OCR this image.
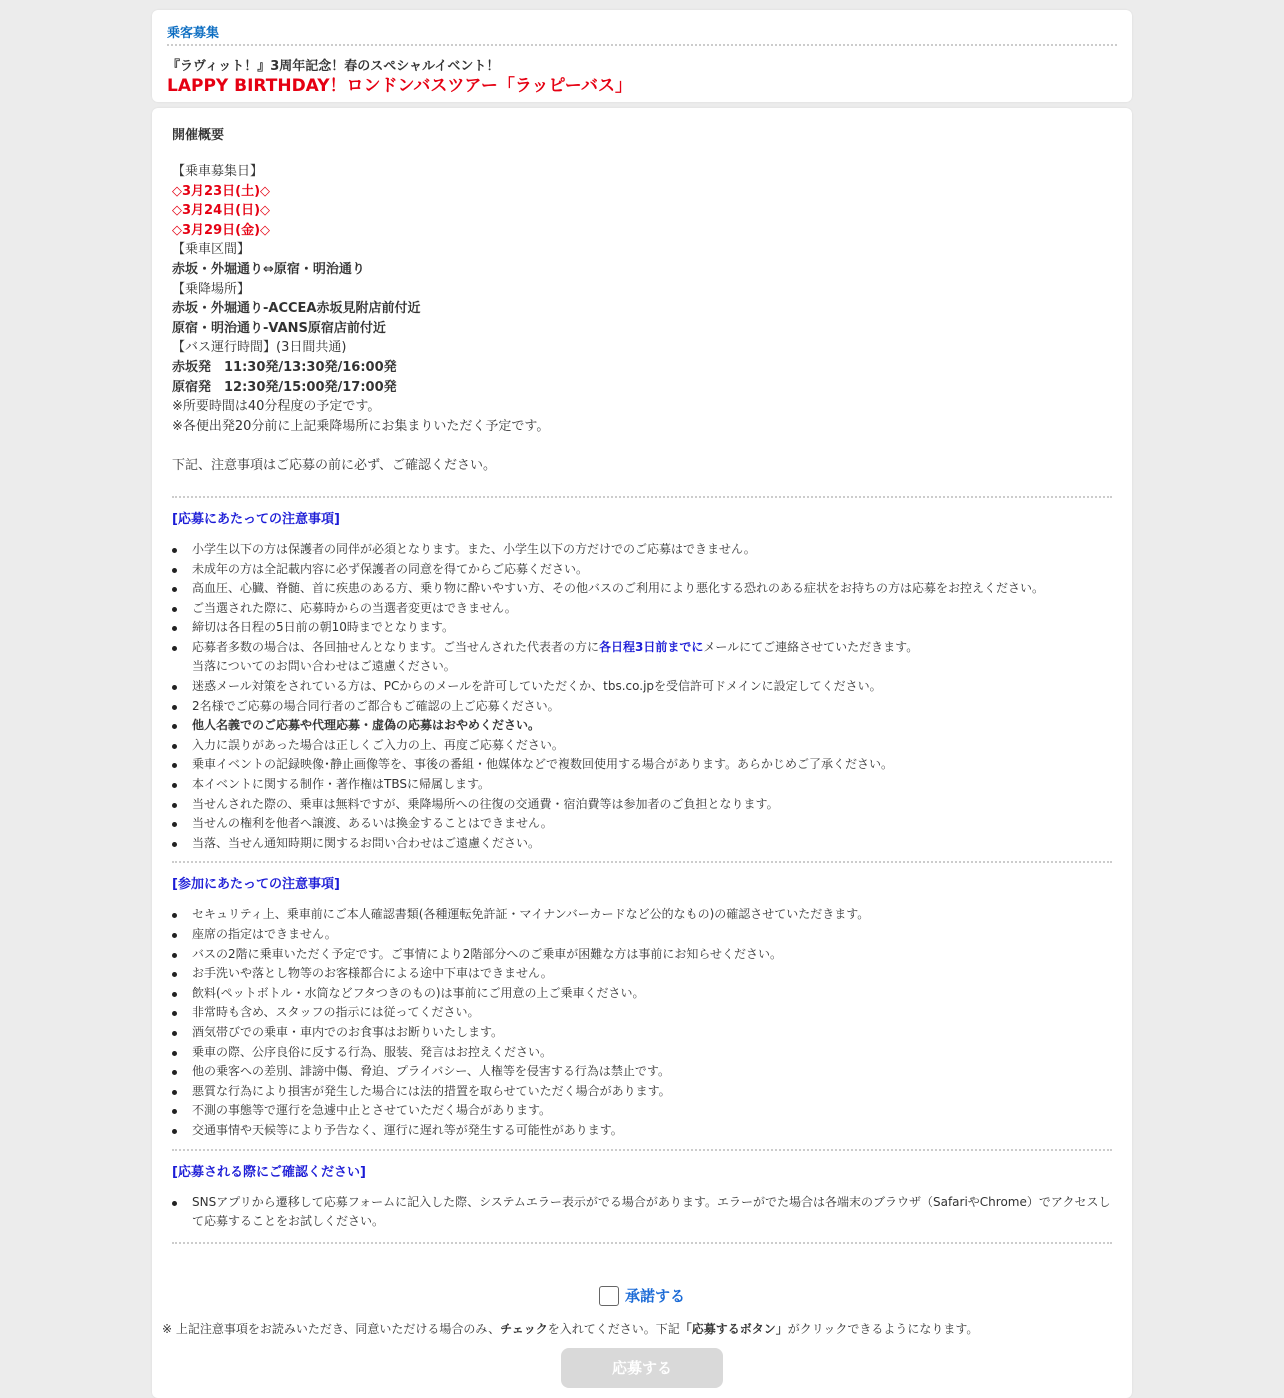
乗客募集
『ラヴィット！』3周年記念！春のスペシャルイベント！
LAPPY BIRTHDAY！ロンドンバスツアー「ラッピーバス」
開催概要
【乗車募集日】
◇3月23日(土)◇
◇3月24日(日)◇
◇3月29日(金)◇
【乗車区間】
赤坂・外堀通り⇔原宿・明治通り
【乗降場所】
赤坂・外堀通り-ACCEA赤坂見附店前付近
原宿・明治通り-VANS原宿店前付近
【バス運行時間】(3日間共通)
赤坂発　11:30発/13:30発/16:00発
原宿発　12:30発/15:00発/17:00発
※所要時間は40分程度の予定です。
※各便出発20分前に上記乗降場所にお集まりいただく予定です。
下記、注意事項はご応募の前に必ず、ご確認ください。
[応募にあたっての注意事項]
小学生以下の方は保護者の同伴が必須となります。また、小学生以下の方だけでのご応募はできません。
未成年の方は全記載内容に必ず保護者の同意を得てからご応募ください。
高血圧、心臓、脊髄、首に疾患のある方、乗り物に酔いやすい方、その他バスのご利用により悪化する恐れのある症状をお持ちの方は応募をお控えください。
ご当選された際に、応募時からの当選者変更はできません。
締切は各日程の5日前の朝10時までとなります。
応募者多数の場合は、各回抽せんとなります。ご当せんされた代表者の方に各日程3日前までにメールにてご連絡させていただきます。
当落についてのお問い合わせはご遠慮ください。
迷惑メール対策をされている方は、PCからのメールを許可していただくか、tbs.co.jpを受信許可ドメインに設定してください。
2名様でご応募の場合同行者のご都合もご確認の上ご応募ください。
他人名義でのご応募や代理応募・虚偽の応募はおやめください。
入力に誤りがあった場合は正しくご入力の上、再度ご応募ください。
乗車イベントの記録映像･静止画像等を、事後の番組・他媒体などで複数回使用する場合があります。あらかじめご了承ください。
本イベントに関する制作・著作権はTBSに帰属します。
当せんされた際の、乗車は無料ですが、乗降場所への往復の交通費・宿泊費等は参加者のご負担となります。
当せんの権利を他者へ譲渡、あるいは換金することはできません。
当落、当せん通知時期に関するお問い合わせはご遠慮ください。
[参加にあたっての注意事項]
セキュリティ上、乗車前にご本人確認書類(各種運転免許証・マイナンバーカードなど公的なもの)の確認させていただきます。
座席の指定はできません。
バスの2階に乗車いただく予定です。ご事情により2階部分へのご乗車が困難な方は事前にお知らせください。
お手洗いや落とし物等のお客様都合による途中下車はできません。
飲料(ペットボトル・水筒などフタつきのもの)は事前にご用意の上ご乗車ください。
非常時も含め、スタッフの指示には従ってください。
酒気帯びでの乗車・車内でのお食事はお断りいたします。
乗車の際、公序良俗に反する行為、服装、発言はお控えください。
他の乗客への差別、誹謗中傷、脅迫、プライバシー、人権等を侵害する行為は禁止です。
悪質な行為により損害が発生した場合には法的措置を取らせていただく場合があります。
不測の事態等で運行を急遽中止とさせていただく場合があります。
交通事情や天候等により予告なく、運行に遅れ等が発生する可能性があります。
[応募される際にご確認ください]
SNSアプリから遷移して応募フォームに記入した際、システムエラー表示がでる場合があります。エラーがでた場合は各端末のブラウザ（SafariやChrome）でアクセスして応募することをお試しください。
承諾する
※ 上記注意事項をお読みいただき、同意いただける場合のみ、チェックを入れてください。下記「応募するボタン」がクリックできるようになります。
応募する
